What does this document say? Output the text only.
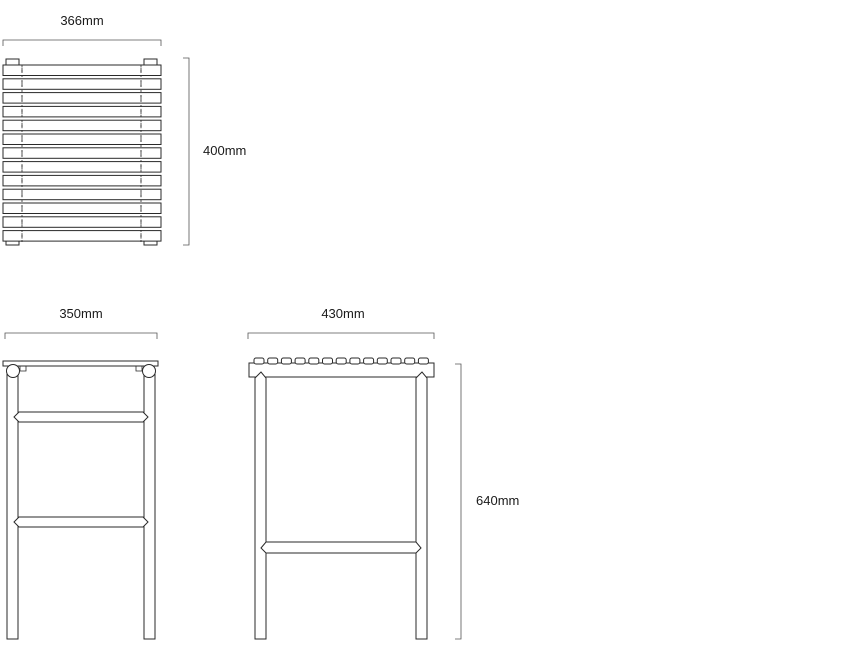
366mm
400mm
350mm	430mm
640mm
